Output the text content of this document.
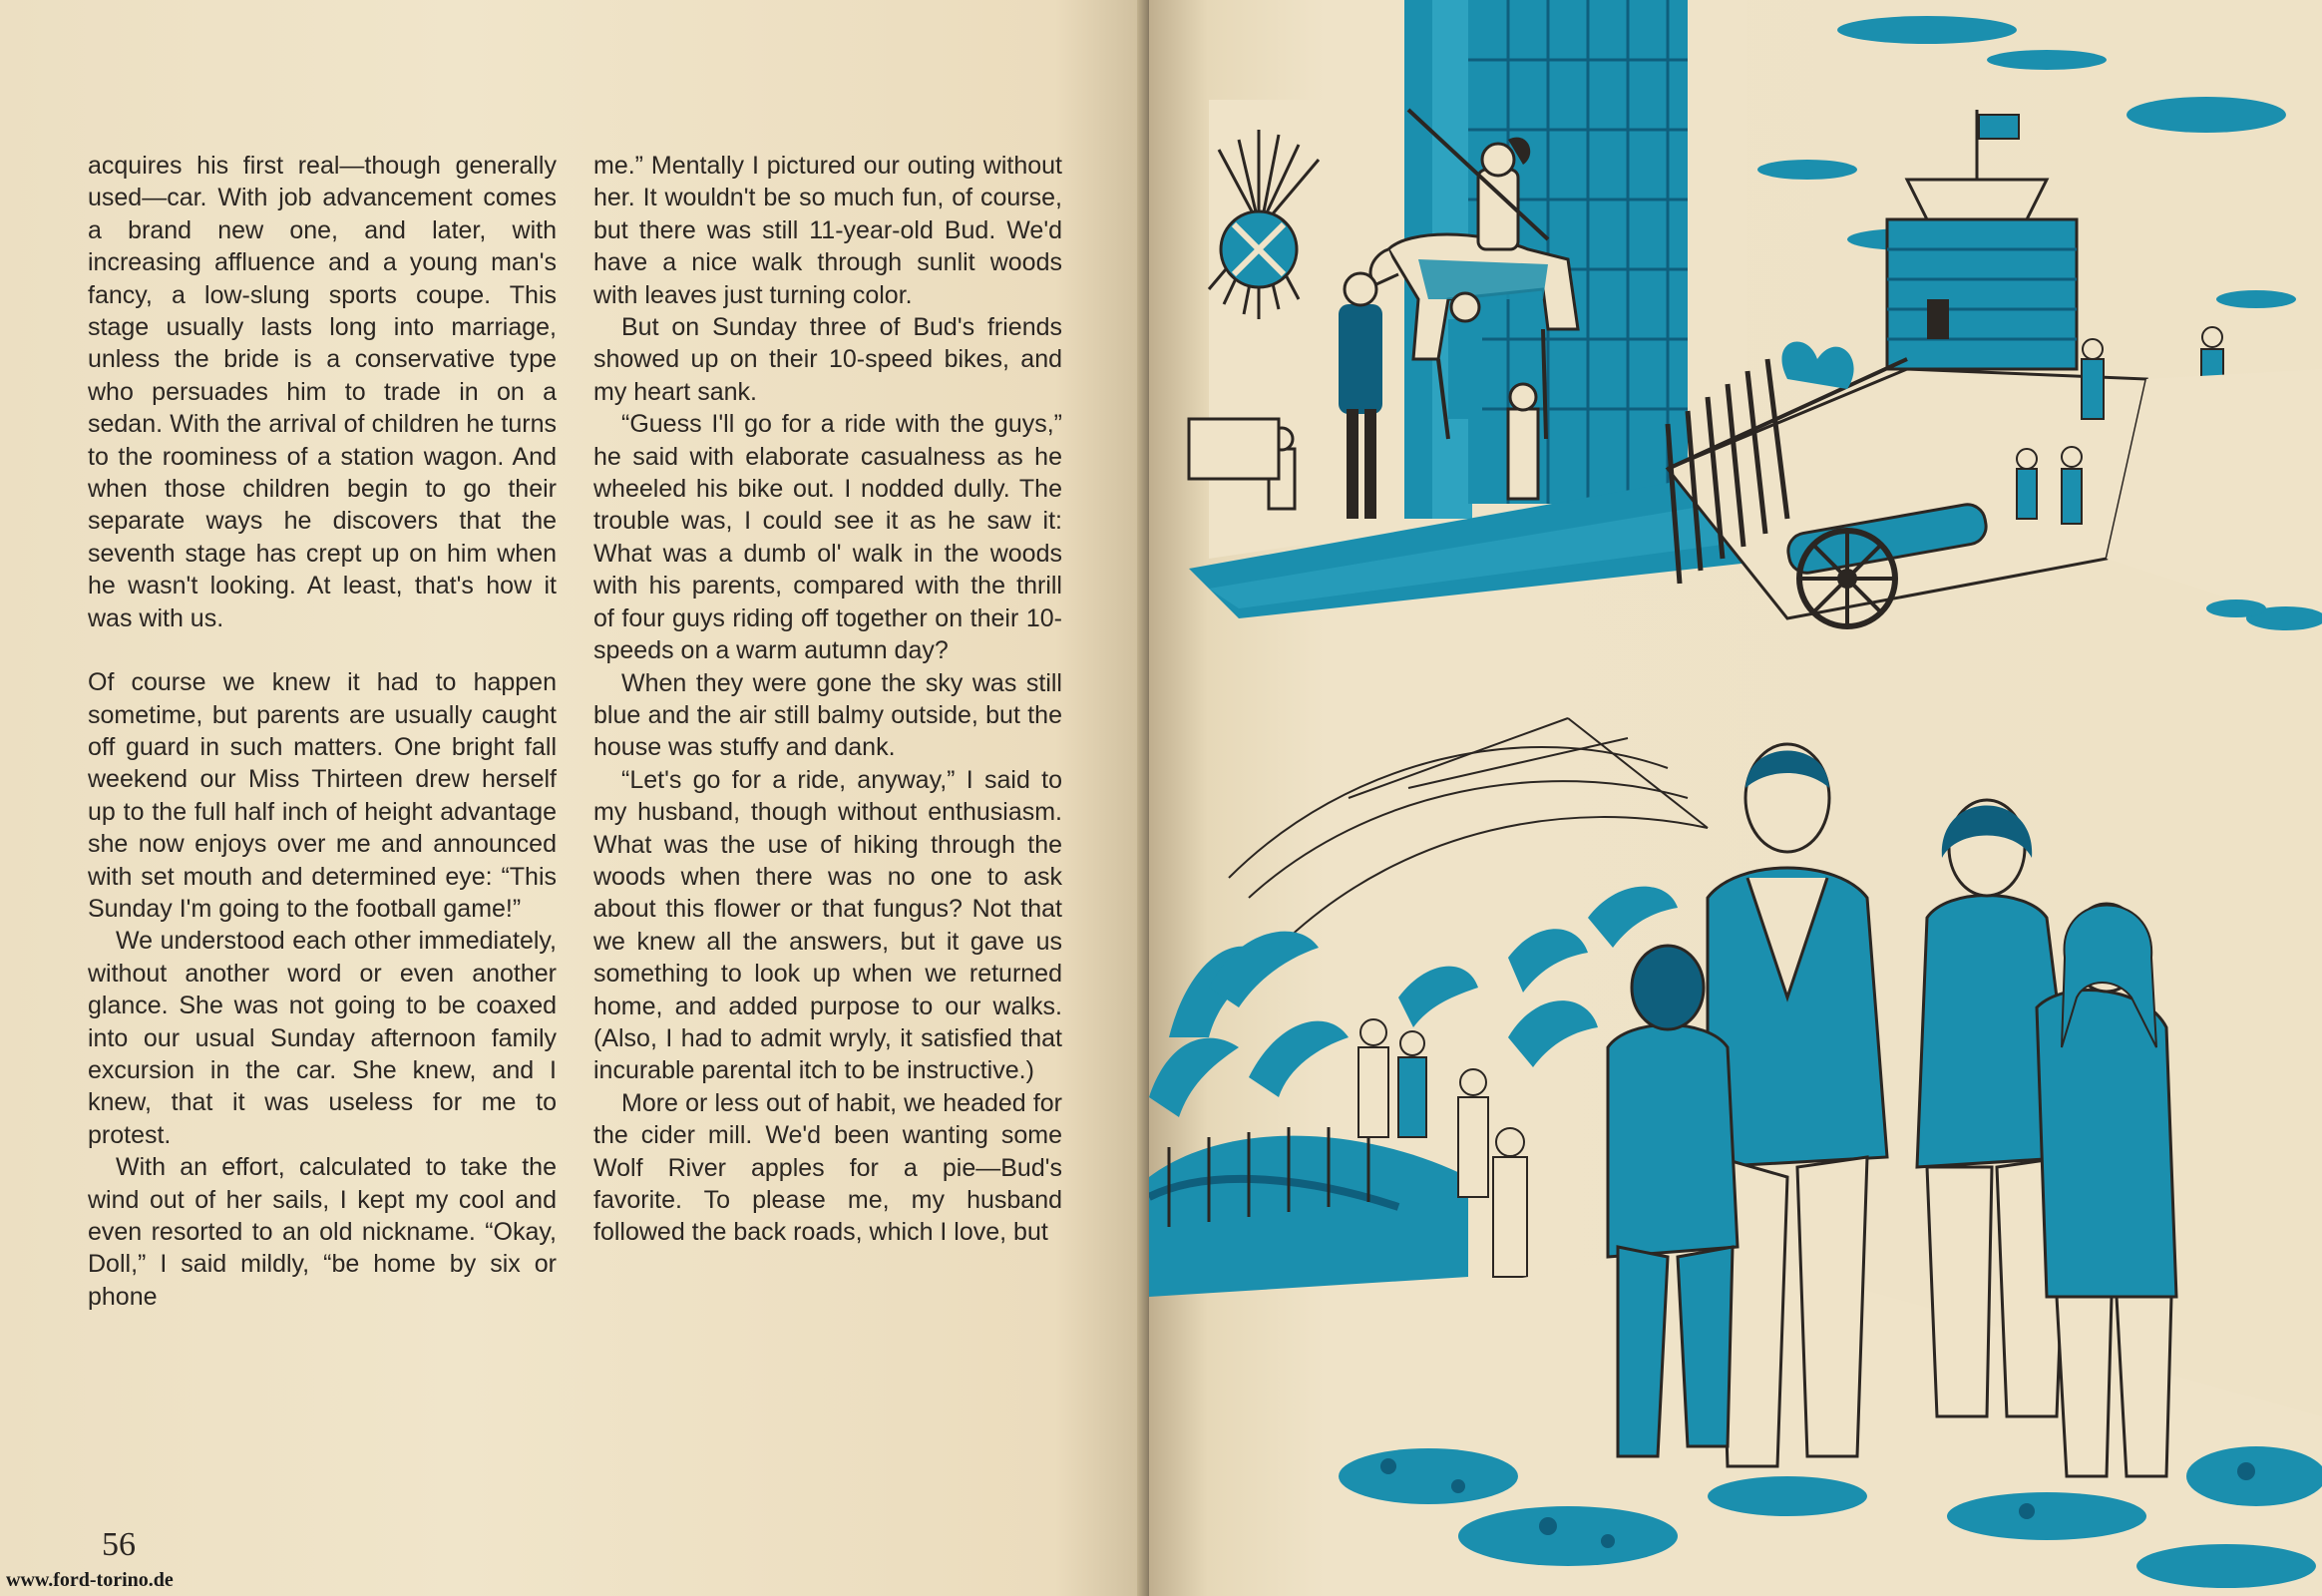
acquires his first real—though generally used—car. With job advancement comes a brand new one, and later, with increasing affluence and a young man's fancy, a low-slung sports coupe. This stage usually lasts long into marriage, unless the bride is a conservative type who persuades him to trade in on a sedan. With the arrival of children he turns to the roominess of a station wagon. And when those children begin to go their separate ways he discovers that the seventh stage has crept up on him when he wasn't looking. At least, that's how it was with us.

Of course we knew it had to happen sometime, but parents are usually caught off guard in such matters. One bright fall weekend our Miss Thirteen drew herself up to the full half inch of height advantage she now enjoys over me and announced with set mouth and determined eye: “This Sunday I'm going to the football game!”

We understood each other immediately, without another word or even another glance. She was not going to be coaxed into our usual Sunday afternoon family excursion in the car. She knew, and I knew, that it was useless for me to protest.

With an effort, calculated to take the wind out of her sails, I kept my cool and even resorted to an old nickname. “Okay, Doll,” I said mildly, “be home by six or phone

me.” Mentally I pictured our outing without her. It wouldn't be so much fun, of course, but there was still 11-year-old Bud. We'd have a nice walk through sunlit woods with leaves just turning color.

But on Sunday three of Bud's friends showed up on their 10-speed bikes, and my heart sank.

“Guess I'll go for a ride with the guys,” he said with elaborate casualness as he wheeled his bike out. I nodded dully. The trouble was, I could see it as he saw it: What was a dumb ol' walk in the woods with his parents, compared with the thrill of four guys riding off together on their 10-speeds on a warm autumn day?

When they were gone the sky was still blue and the air still balmy outside, but the house was stuffy and dank.

“Let's go for a ride, anyway,” I said to my husband, though without enthusiasm. What was the use of hiking through the woods when there was no one to ask about this flower or that fungus? Not that we knew all the answers, but it gave us something to look up when we returned home, and added purpose to our walks. (Also, I had to admit wryly, it satisfied that incurable parental itch to be instructive.)

More or less out of habit, we headed for the cider mill. We'd been wanting some Wolf River apples for a pie—Bud's favorite. To please me, my husband followed the back roads, which I love, but

56
www.ford-torino.de
